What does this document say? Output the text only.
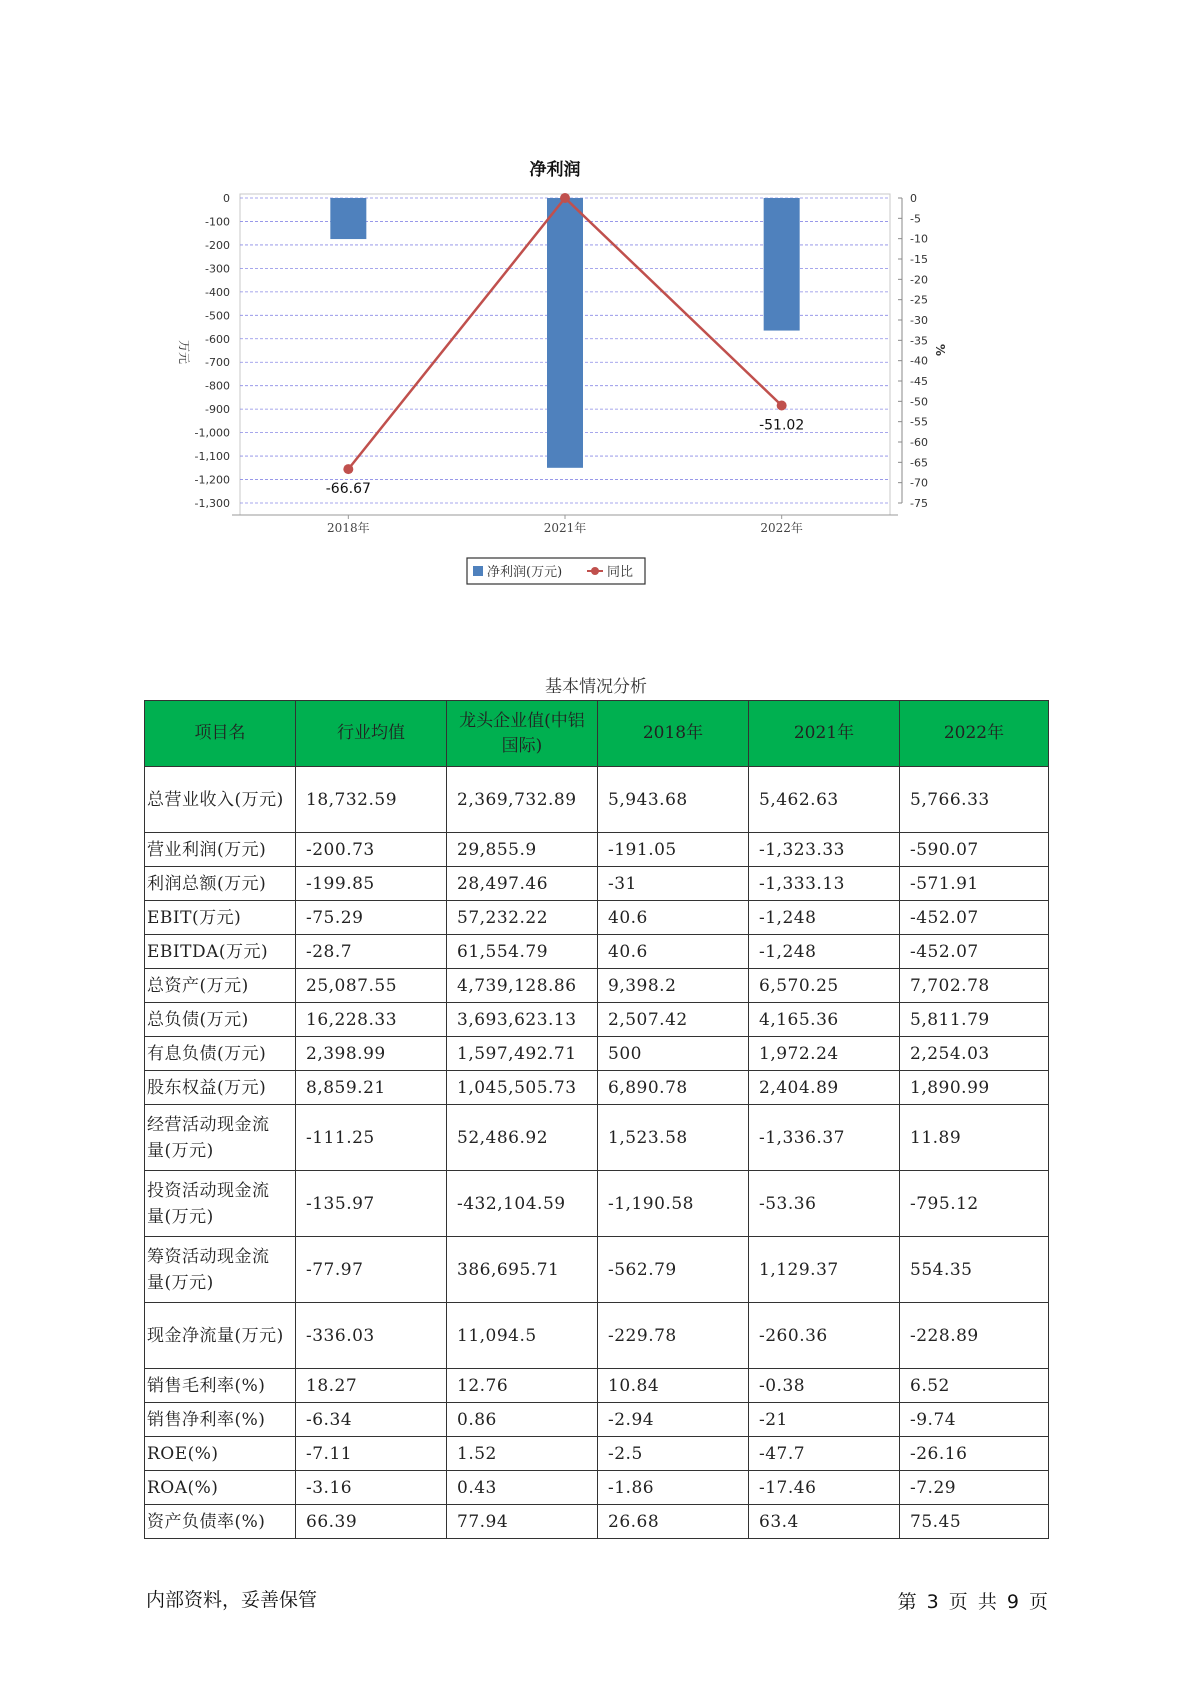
净利润
0
-100
-200
-300
-400
-500
-600
-700
-800
-900
-1,000
-1,100
-1,200
-1,300
0
-5
-10
-15
-20
-25
-30
-35
-40
-45
-50
-55
-60
-65
-70
-75
2018年	2021年	2022年
万元	%
-66.67
-51.02
净利润(万元)	同比
基本情况分析
项目名	行业均值	龙头企业值(中铝国际)	2018年	2021年	2022年
总营业收入(万元)	18,732.59	2,369,732.89	5,943.68	5,462.63	5,766.33
营业利润(万元)	-200.73	29,855.9	-191.05	-1,323.33	-590.07
利润总额(万元)	-199.85	28,497.46	-31	-1,333.13	-571.91
EBIT(万元)	-75.29	57,232.22	40.6	-1,248	-452.07
EBITDA(万元)	-28.7	61,554.79	40.6	-1,248	-452.07
总资产(万元)	25,087.55	4,739,128.86	9,398.2	6,570.25	7,702.78
总负债(万元)	16,228.33	3,693,623.13	2,507.42	4,165.36	5,811.79
有息负债(万元)	2,398.99	1,597,492.71	500	1,972.24	2,254.03
股东权益(万元)	8,859.21	1,045,505.73	6,890.78	2,404.89	1,890.99
经营活动现金流量(万元)	-111.25	52,486.92	1,523.58	-1,336.37	11.89
投资活动现金流量(万元)	-135.97	-432,104.59	-1,190.58	-53.36	-795.12
筹资活动现金流量(万元)	-77.97	386,695.71	-562.79	1,129.37	554.35
现金净流量(万元)	-336.03	11,094.5	-229.78	-260.36	-228.89
销售毛利率(%)	18.27	12.76	10.84	-0.38	6.52
销售净利率(%)	-6.34	0.86	-2.94	-21	-9.74
ROE(%)	-7.11	1.52	-2.5	-47.7	-26.16
ROA(%)	-3.16	0.43	-1.86	-17.46	-7.29
资产负债率(%)	66.39	77.94	26.68	63.4	75.45
内部资料，妥善保管	第 3 页 共 9 页
